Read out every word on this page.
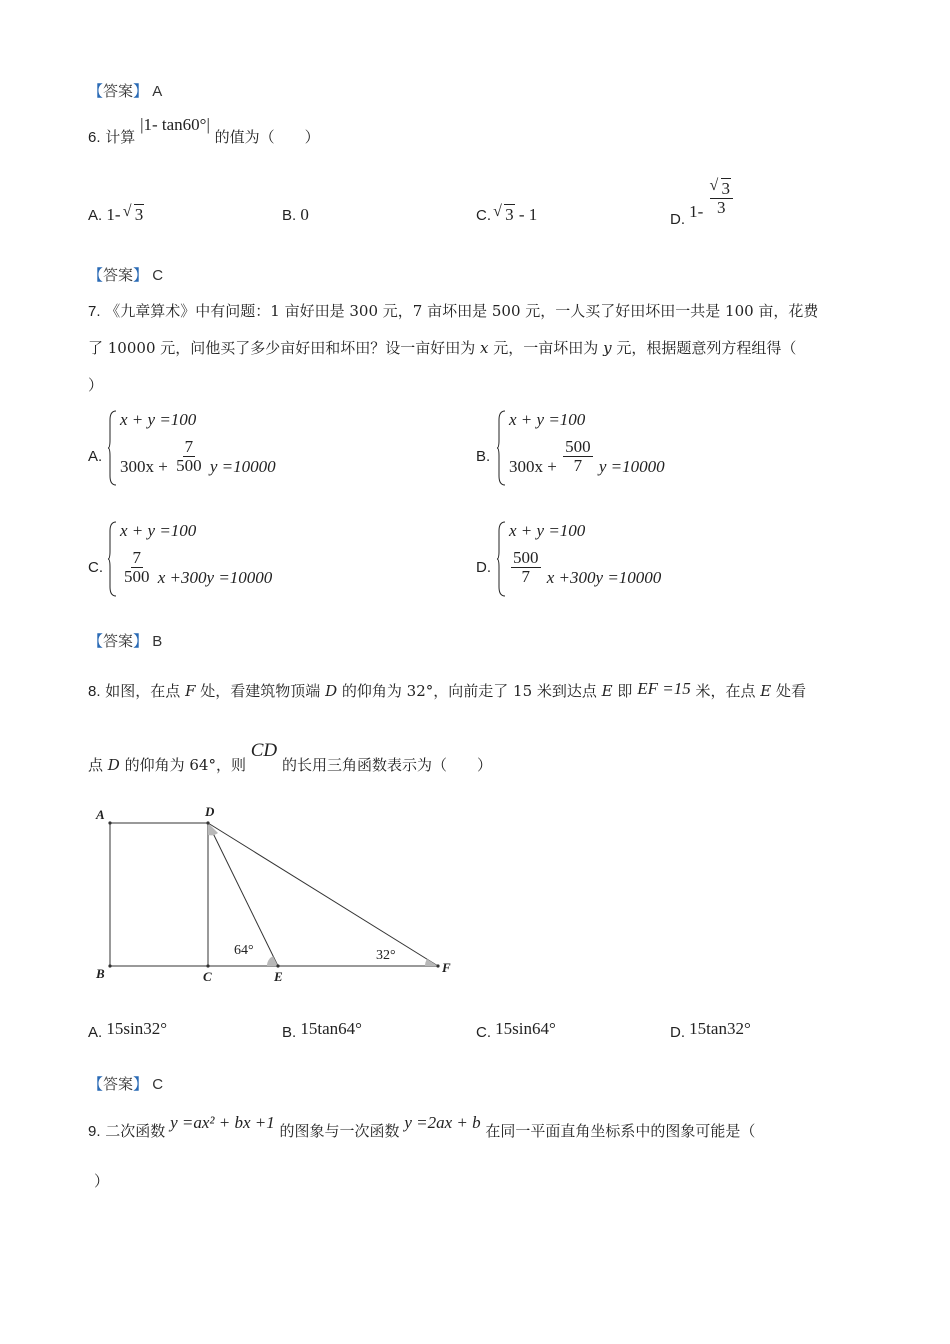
【答案】 A
6. 计算 |1- tan60°| 的值为（　　）
A. 1- √ 3	B. 0	C. √ 3 - 1	D. 1- √ $\frac{3}{3}$
【答案】 C
7. 《九章算术》中有问题：1 亩好田是 300 元，7 亩坏田是 500 元，一人买了好田坏田一共是 100 亩，花费
了 10000 元，问他买了多少亩好田和坏田？设一亩好田为 x 元，一亩坏田为 y 元，根据题意列方程组得（
）
A.
x + y =100
$300x + \frac{7}{500}$ y =10000
B.
x + y =100
$300x + \frac{500}{7}$ y =10000
C.
x + y =100
$\frac{7}{500}$ x +300y =10000
D.
x + y =100
$\frac{500}{7}$ x +300y =10000
【答案】 B
8. 如图，在点 F 处，看建筑物顶端 D 的仰角为 32°，向前走了 15 米到达点 E 即 EF =15 米，在点 E 处看
点 D 的仰角为 64°，则 CD 的长用三角函数表示为（　　）
A	D
B	C	E
F
64°	32°
A. 15sin32°	B. 15tan64°	C. 15sin64°	D. 15tan32°
【答案】 C
9. 二次函数 y =ax² + bx +1 的图象与一次函数 y =2ax + b 在同一平面直角坐标系中的图象可能是（
）
